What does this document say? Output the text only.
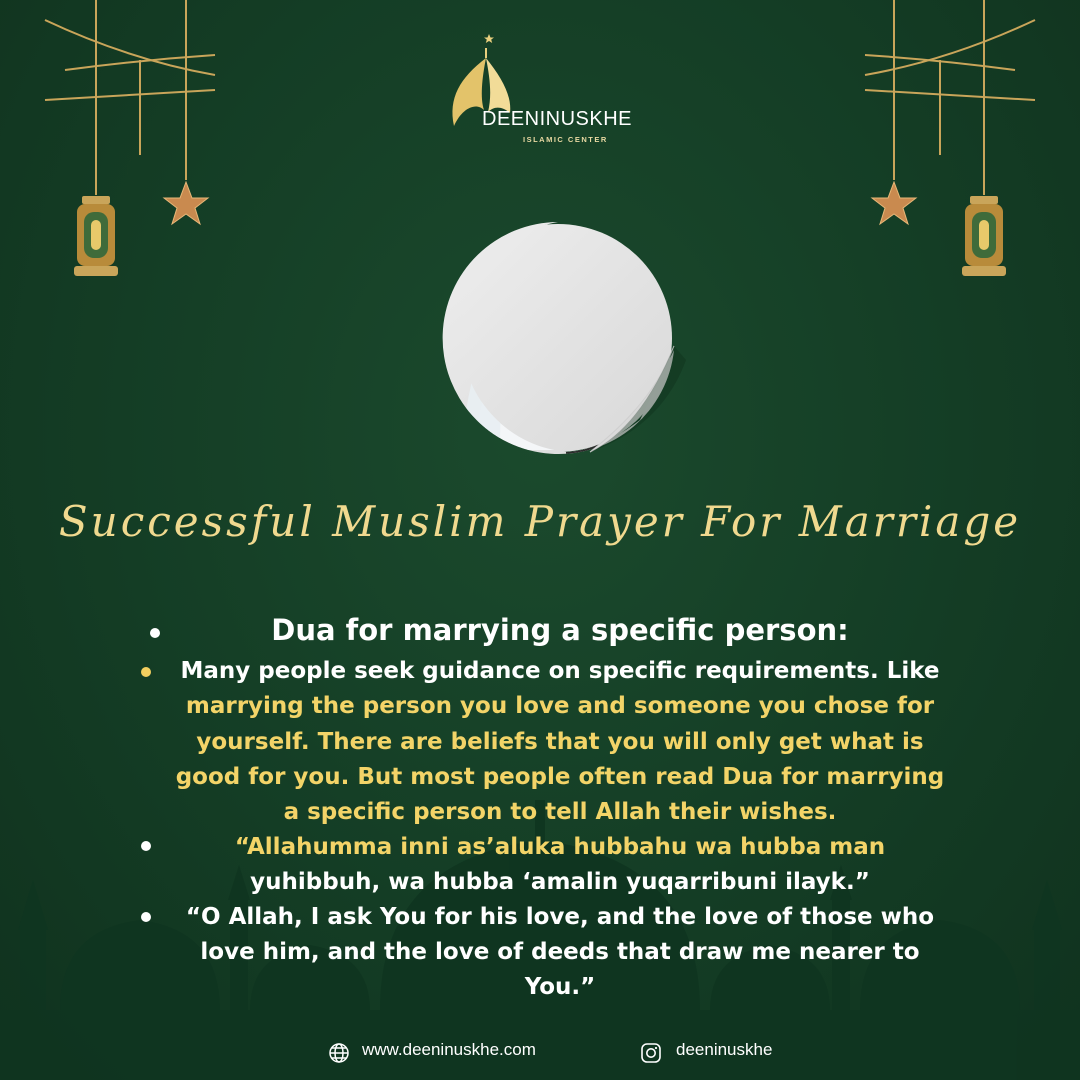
DEENINUSKHE
ISLAMIC CENTER
Successful Muslim Prayer For Marriage
Dua for marrying a specific person:
Many people seek guidance on specific requirements. Like
marrying the person you love and someone you chose for
yourself. There are beliefs that you will only get what is
good for you. But most people often read Dua for marrying
a specific person to tell Allah their wishes.
“Allahumma inni as’aluka hubbahu wa hubba man
yuhibbuh, wa hubba ‘amalin yuqarribuni ilayk.”
“O Allah, I ask You for his love, and the love of those who
love him, and the love of deeds that draw me nearer to
You.”
www.deeninuskhe.com	deeninuskhe
